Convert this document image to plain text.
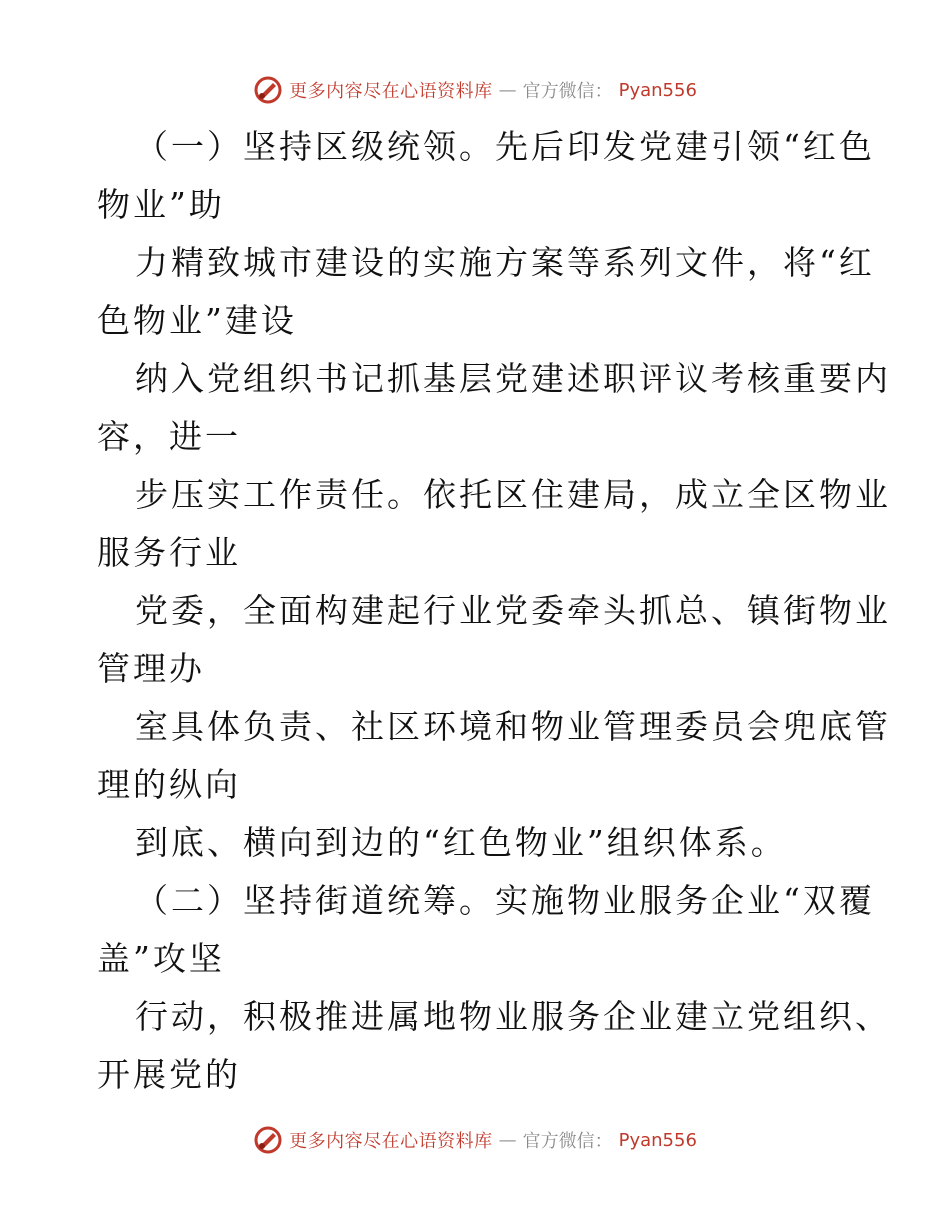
更多内容尽在心语资料库 — 官方微信： Pyan556

（一）坚持区级统领。先后印发党建引领“红色
物业”助

力精致城市建设的实施方案等系列文件，将“红
色物业”建设

纳入党组织书记抓基层党建述职评议考核重要内
容，进一

步压实工作责任。依托区住建局，成立全区物业
服务行业

党委，全面构建起行业党委牵头抓总、镇街物业
管理办

室具体负责、社区环境和物业管理委员会兜底管
理的纵向

到底、横向到边的“红色物业”组织体系。

（二）坚持街道统筹。实施物业服务企业“双覆
盖”攻坚

行动，积极推进属地物业服务企业建立党组织、
开展党的

更多内容尽在心语资料库 — 官方微信： Pyan556
